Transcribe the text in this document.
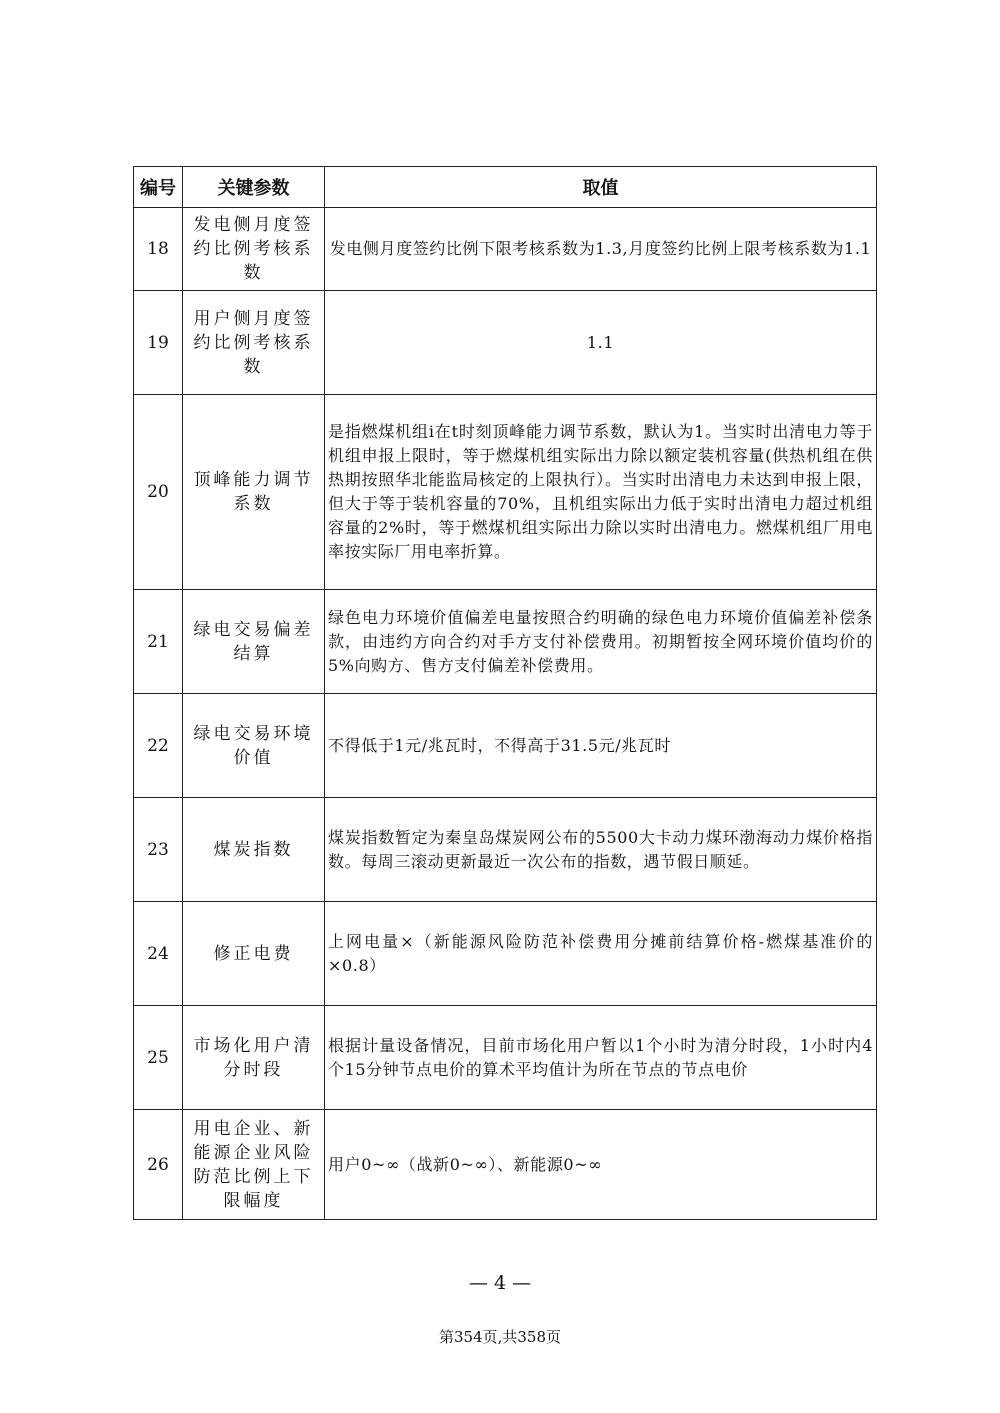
编号	关键参数	取值
18	发电侧月度签约比例考核系数	发电侧月度签约比例下限考核系数为1.3,月度签约比例上限考核系数为1.1
19	用户侧月度签约比例考核系数	1.1
20	顶峰能力调节系数	是指燃煤机组i在t时刻顶峰能力调节系数，默认为1。当实时出清电力等于机组申报上限时，等于燃煤机组实际出力除以额定装机容量(供热机组在供热期按照华北能监局核定的上限执行）。当实时出清电力未达到申报上限，但大于等于装机容量的70%，且机组实际出力低于实时出清电力超过机组容量的2%时，等于燃煤机组实际出力除以实时出清电力。燃煤机组厂用电率按实际厂用电率折算。
21	绿电交易偏差结算	绿色电力环境价值偏差电量按照合约明确的绿色电力环境价值偏差补偿条款，由违约方向合约对手方支付补偿费用。初期暂按全网环境价值均价的5%向购方、售方支付偏差补偿费用。
22	绿电交易环境价值	不得低于1元/兆瓦时，不得高于31.5元/兆瓦时
23	煤炭指数	煤炭指数暂定为秦皇岛煤炭网公布的5500大卡动力煤环渤海动力煤价格指数。每周三滚动更新最近一次公布的指数，遇节假日顺延。
24	修正电费	上网电量×（新能源风险防范补偿费用分摊前结算价格-燃煤基准价的×0.8）
25	市场化用户清分时段	根据计量设备情况，目前市场化用户暂以1个小时为清分时段，1小时内4个15分钟节点电价的算术平均值计为所在节点的节点电价
26	用电企业、新能源企业风险防范比例上下限幅度	用户0~∞（战新0~∞）、新能源0~∞
— 4 —
第354页,共358页
